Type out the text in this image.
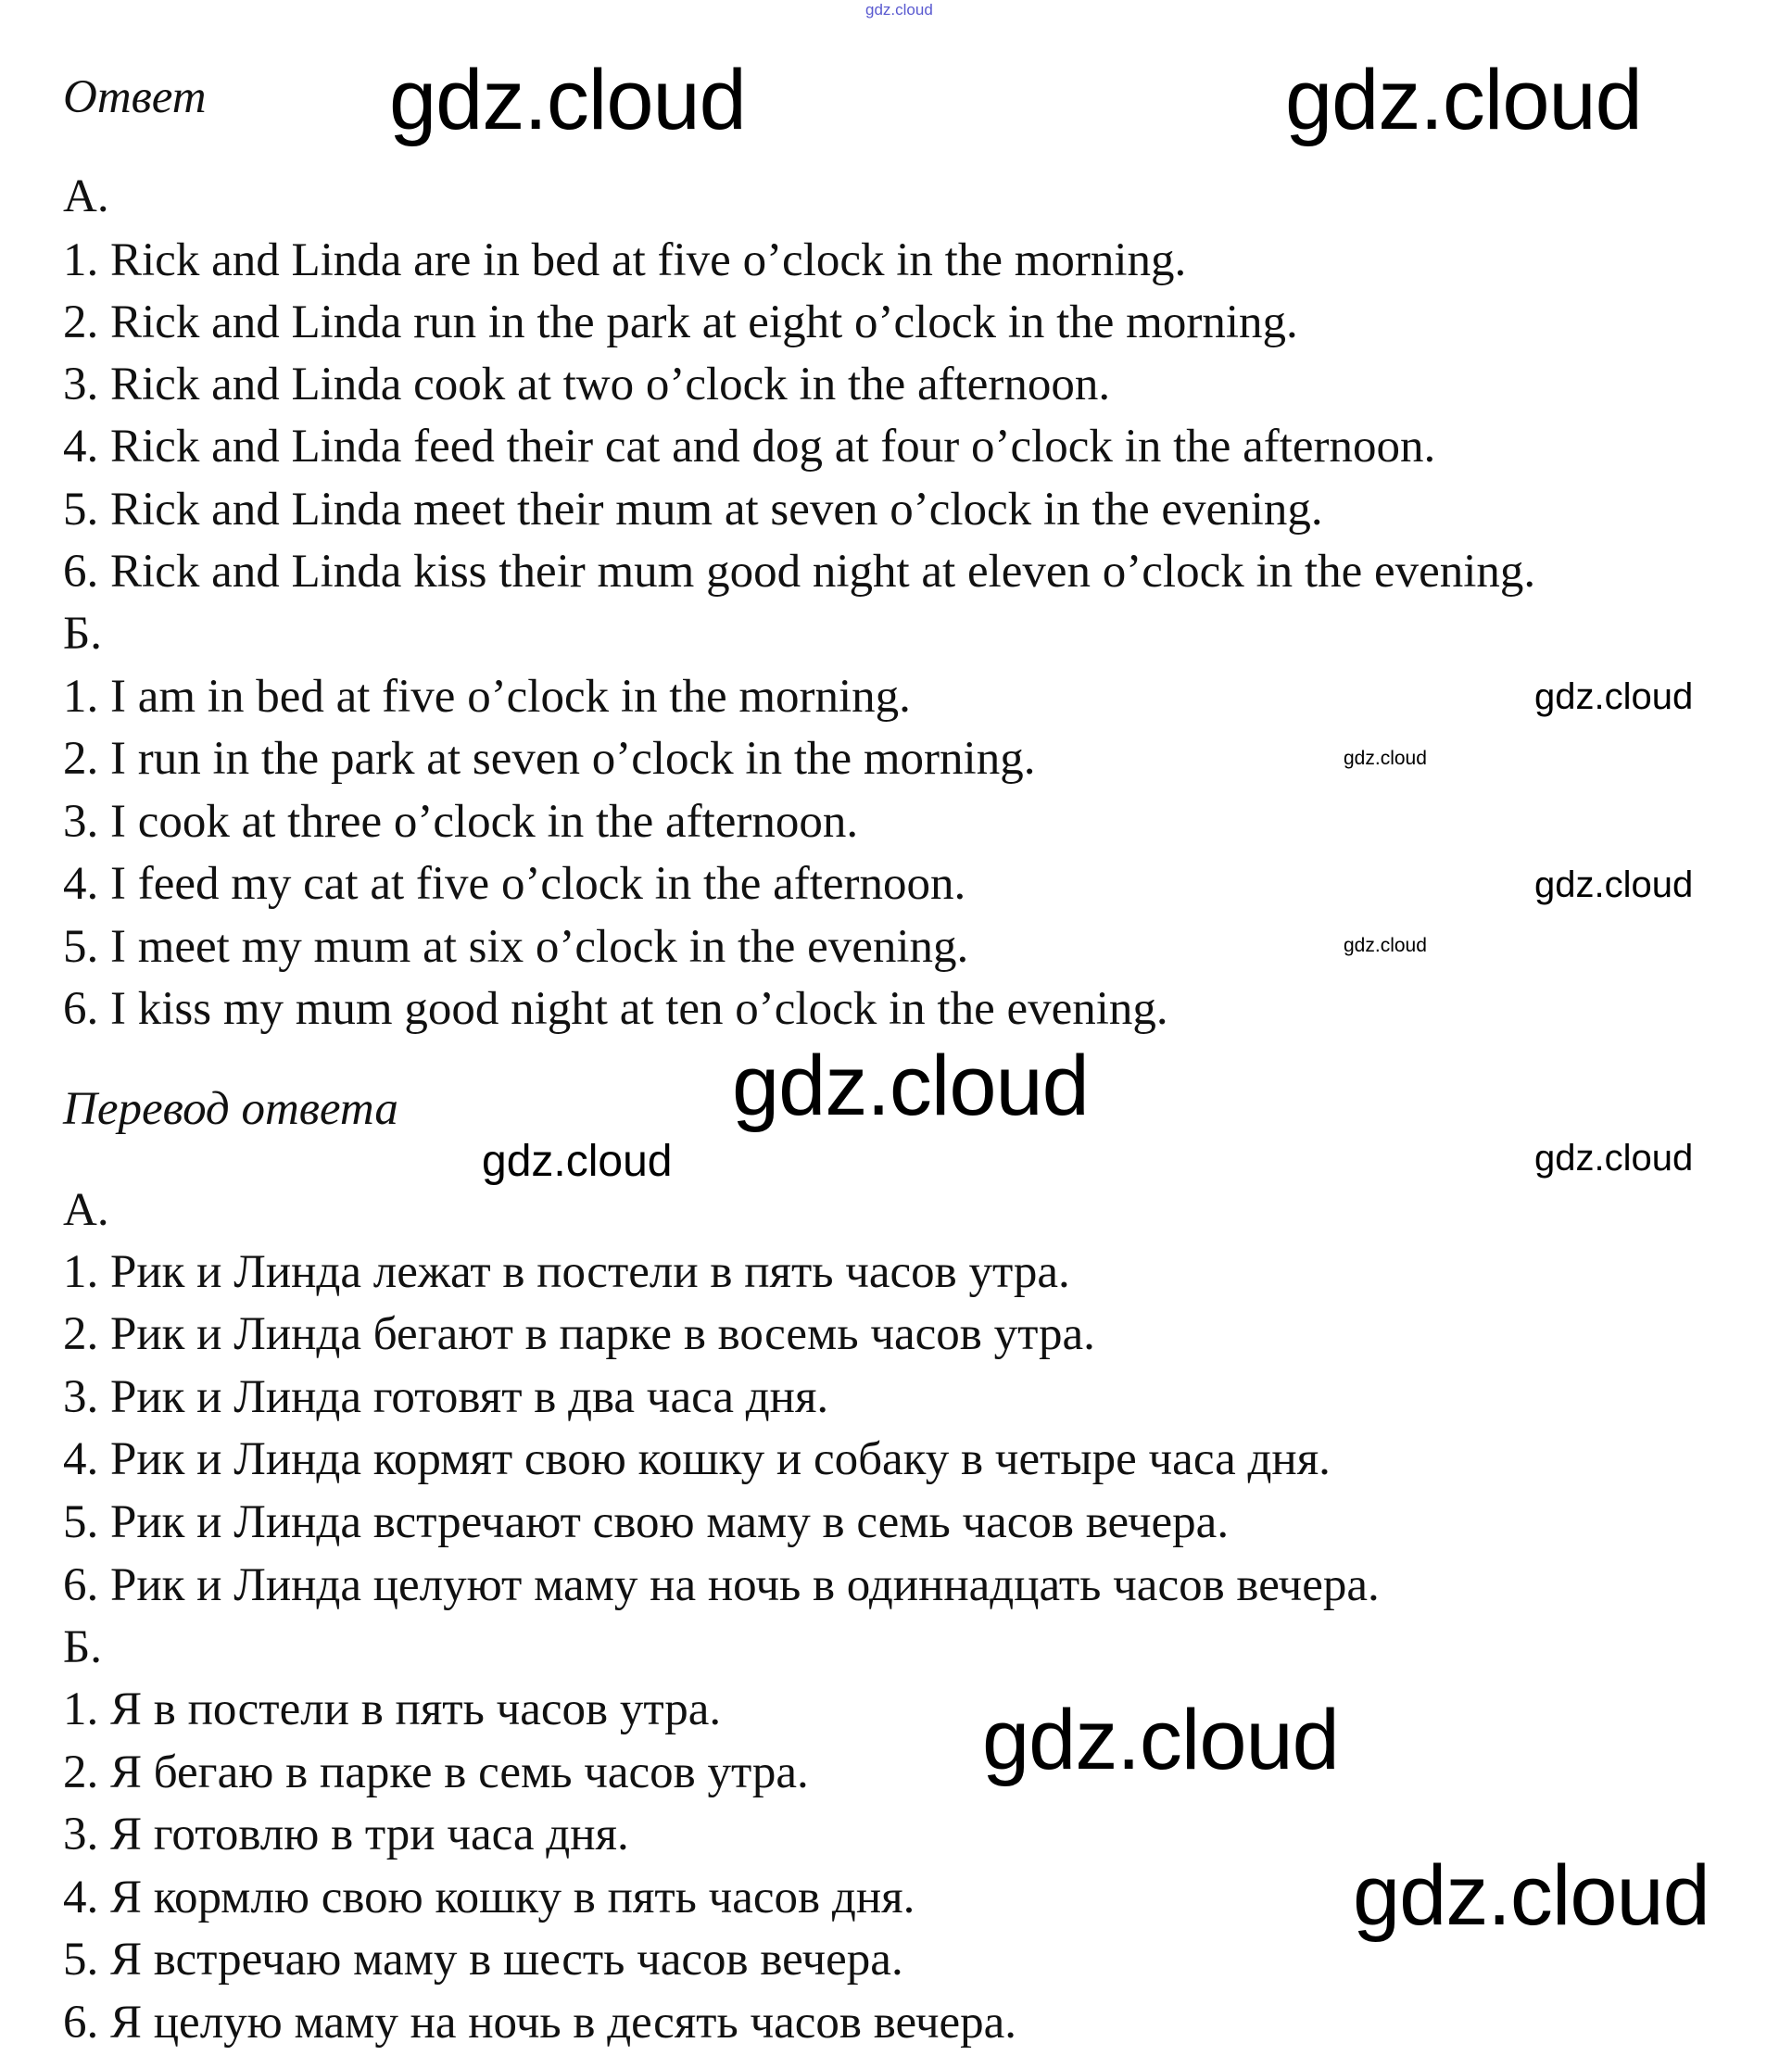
Ответ
А.
1. Rick and Linda are in bed at five o’clock in the morning.
2. Rick and Linda run in the park at eight o’clock in the morning.
3. Rick and Linda cook at two o’clock in the afternoon.
4. Rick and Linda feed their cat and dog at four o’clock in the afternoon.
5. Rick and Linda meet their mum at seven o’clock in the evening.
6. Rick and Linda kiss their mum good night at eleven o’clock in the evening.
Б.
1. I am in bed at five o’clock in the morning.
2. I run in the park at seven o’clock in the morning.
3. I cook at three o’clock in the afternoon.
4. I feed my cat at five o’clock in the afternoon.
5. I meet my mum at six o’clock in the evening.
6. I kiss my mum good night at ten o’clock in the evening.
Перевод ответа
А.
1. Рик и Линда лежат в постели в пять часов утра.
2. Рик и Линда бегают в парке в восемь часов утра.
3. Рик и Линда готовят в два часа дня.
4. Рик и Линда кормят свою кошку и собаку в четыре часа дня.
5. Рик и Линда встречают свою маму в семь часов вечера.
6. Рик и Линда целуют маму на ночь в одиннадцать часов вечера.
Б.
1. Я в постели в пять часов утра.
2. Я бегаю в парке в семь часов утра.
3. Я готовлю в три часа дня.
4. Я кормлю свою кошку в пять часов дня.
5. Я встречаю маму в шесть часов вечера.
6. Я целую маму на ночь в десять часов вечера.
gdz.cloud
gdz.cloud	gdz.cloud
gdz.cloud
gdz.cloud
gdz.cloud
gdz.cloud
gdz.cloud
gdz.cloud
gdz.cloud
gdz.cloud
gdz.cloud
